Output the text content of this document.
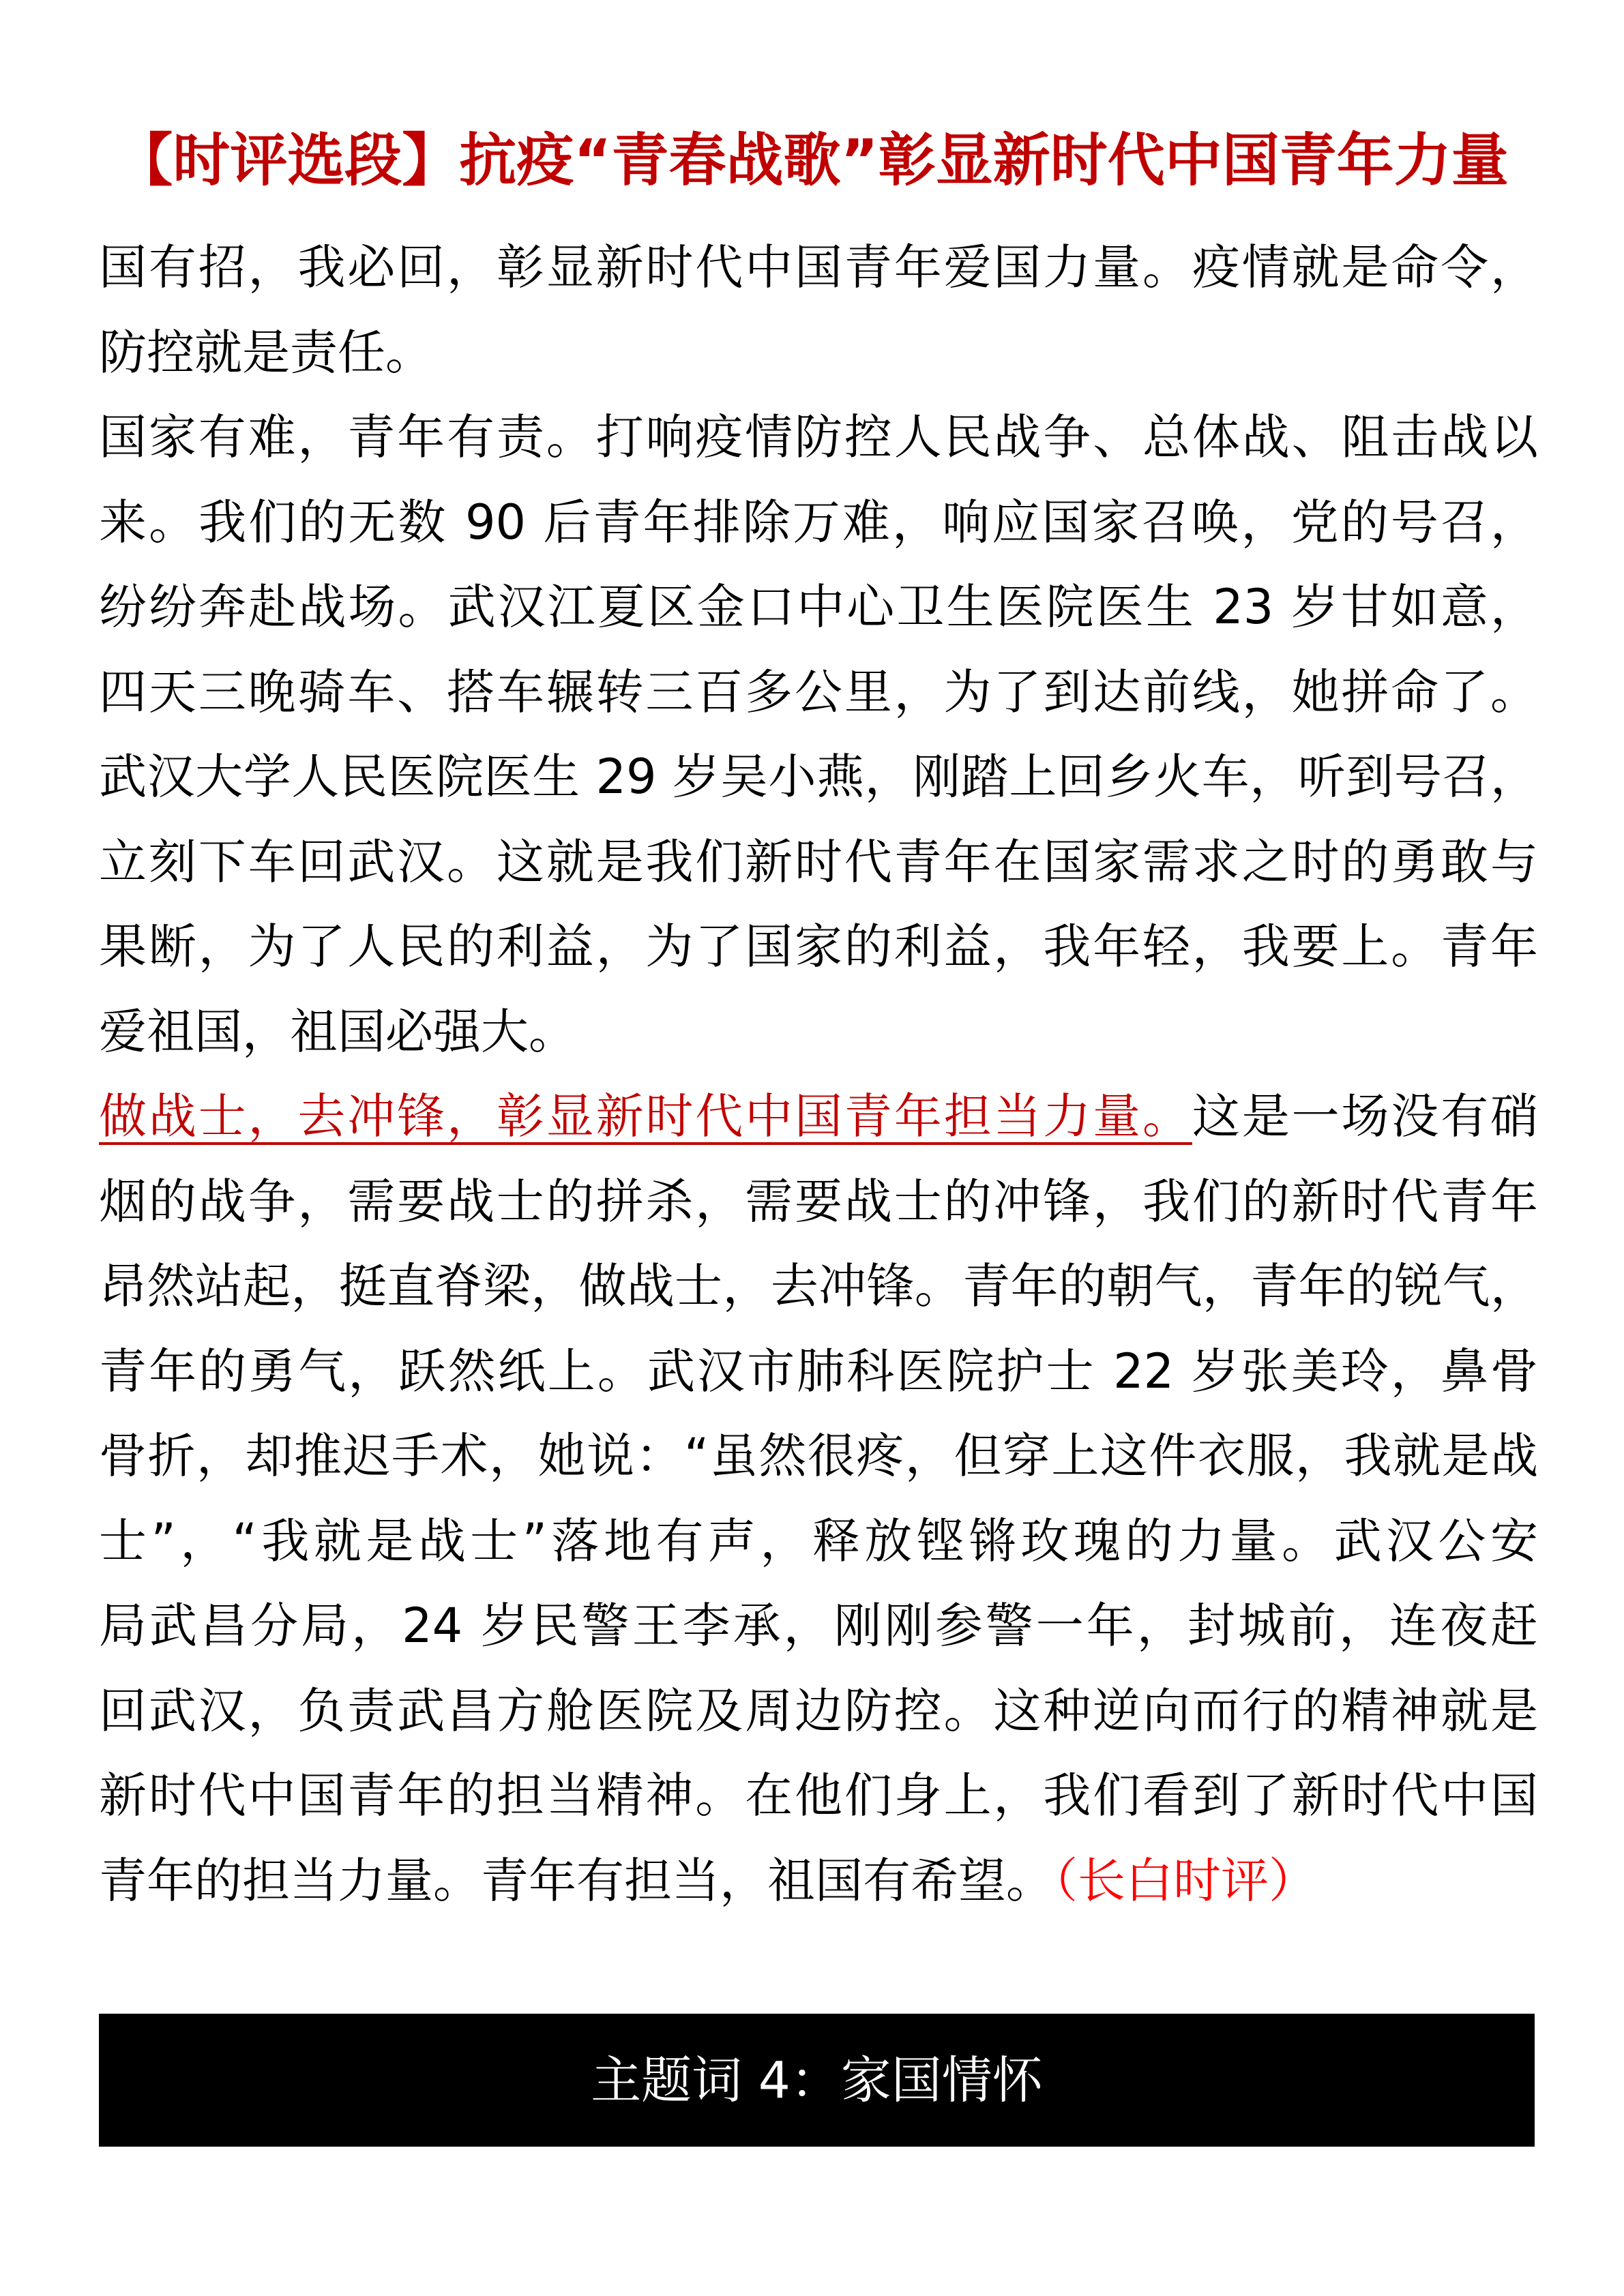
【时评选段】抗疫“青春战歌”彰显新时代中国青年力量
国有招，我必回，彰显新时代中国青年爱国力量。疫情就是命令，
防控就是责任。
国家有难，青年有责。打响疫情防控人民战争、总体战、阻击战以
来。我们的无数 90 后青年排除万难，响应国家召唤，党的号召，
纷纷奔赴战场。武汉江夏区金口中心卫生医院医生 23 岁甘如意，
四天三晚骑车、搭车辗转三百多公里，为了到达前线，她拼命了。
武汉大学人民医院医生 29 岁吴小燕，刚踏上回乡火车，听到号召，
立刻下车回武汉。这就是我们新时代青年在国家需求之时的勇敢与
果断，为了人民的利益，为了国家的利益，我年轻，我要上。青年
爱祖国，祖国必强大。
做战士，去冲锋，彰显新时代中国青年担当力量。这是一场没有硝
烟的战争，需要战士的拼杀，需要战士的冲锋，我们的新时代青年
昂然站起，挺直脊梁，做战士，去冲锋。青年的朝气，青年的锐气，
青年的勇气，跃然纸上。武汉市肺科医院护士 22 岁张美玲，鼻骨
骨折，却推迟手术，她说：“虽然很疼，但穿上这件衣服，我就是战
士”，“我就是战士”落地有声，释放铿锵玫瑰的力量。武汉公安
局武昌分局，24 岁民警王李承，刚刚参警一年，封城前，连夜赶
回武汉，负责武昌方舱医院及周边防控。这种逆向而行的精神就是
新时代中国青年的担当精神。在他们身上，我们看到了新时代中国
青年的担当力量。青年有担当，祖国有希望。（长白时评）
主题词 4：家国情怀
